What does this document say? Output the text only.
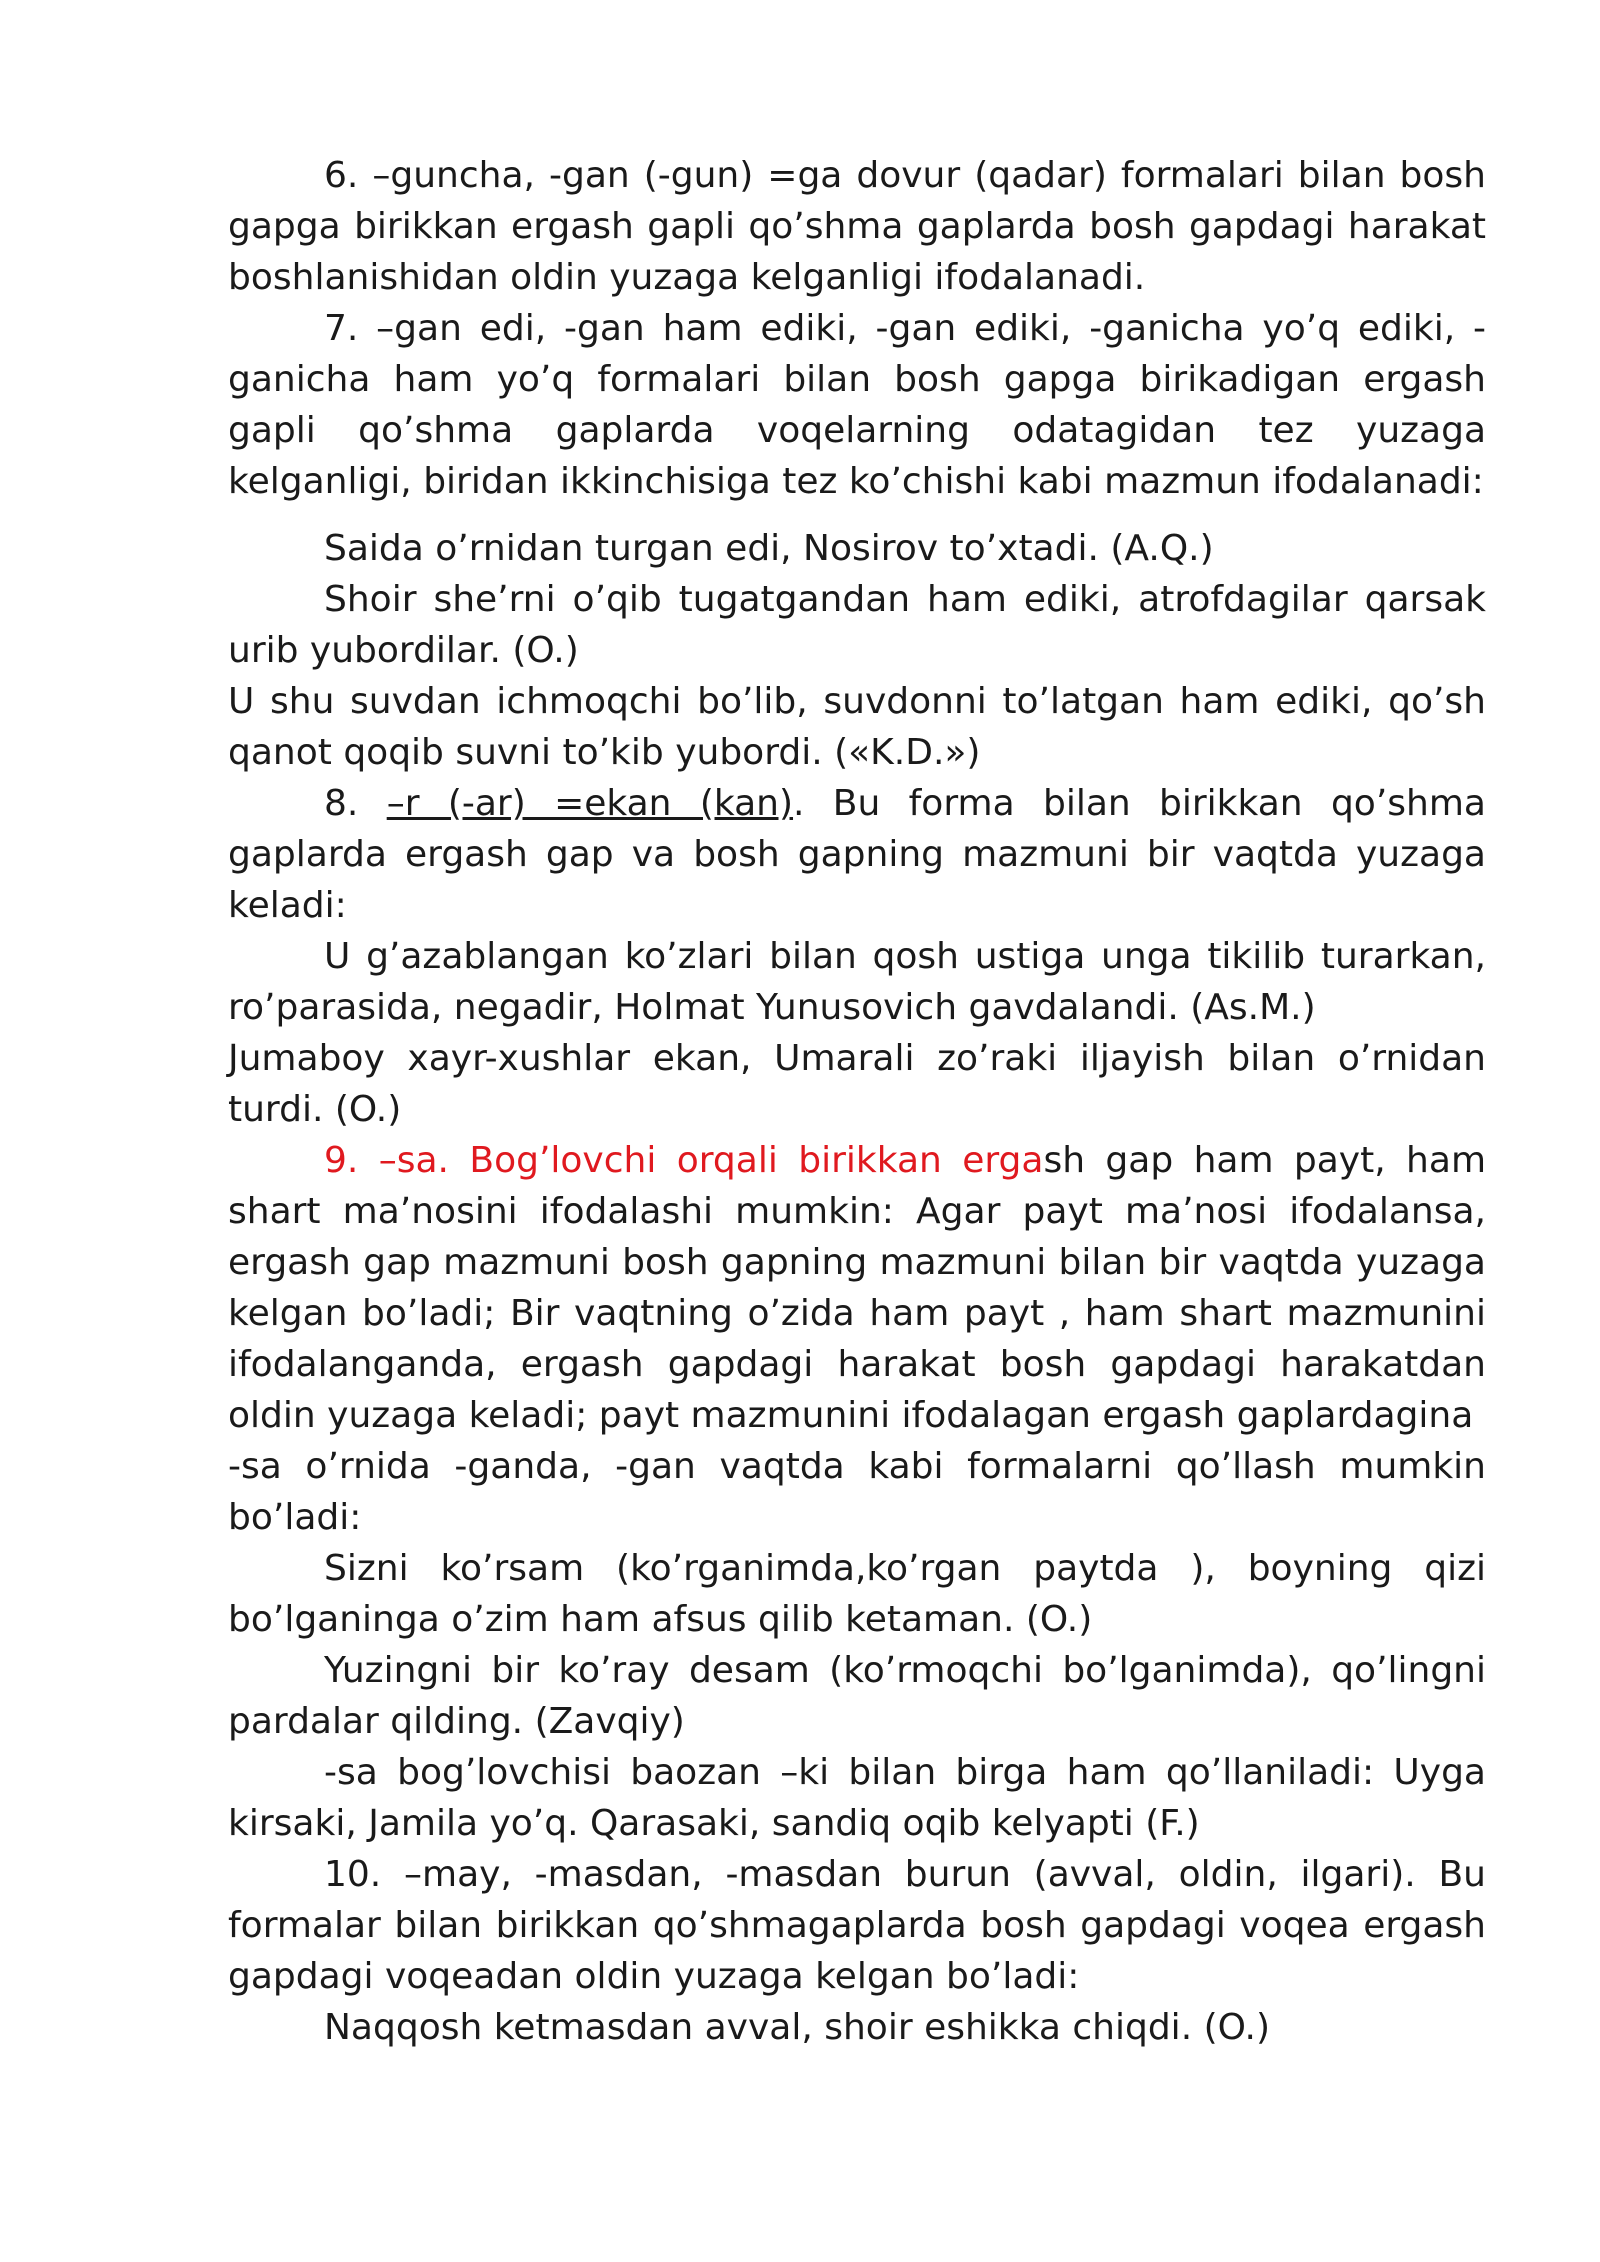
6. –guncha, -gan (-gun) =ga dovur (qadar) formalari bilan bosh gapga birikkan ergash gapli qo’shma gaplarda bosh gapdagi harakat boshlanishidan oldin yuzaga kelganligi ifodalanadi.

7. –gan edi, -gan ham ediki, -gan ediki, -ganicha yo’q ediki, -ganicha ham yo’q formalari bilan bosh gapga birikadigan ergash gapli qo’shma gaplarda voqelarning odatagidan tez yuzaga kelganligi, biridan ikkinchisiga tez ko’chishi kabi mazmun ifodalanadi:

Saida o’rnidan turgan edi, Nosirov to’xtadi. (A.Q.)

Shoir she’rni o’qib tugatgandan ham ediki, atrofdagilar qarsak urib yubordilar. (O.)

U shu suvdan ichmoqchi bo’lib, suvdonni to’latgan ham ediki, qo’sh qanot qoqib suvni to’kib yubordi. («K.D.»)

8. –r (-ar) =ekan (kan). Bu forma bilan birikkan qo’shma gaplarda ergash gap va bosh gapning mazmuni bir vaqtda yuzaga keladi:

U g’azablangan ko’zlari bilan qosh ustiga unga tikilib turarkan, ro’parasida, negadir, Holmat Yunusovich gavdalandi. (As.M.)

Jumaboy xayr-xushlar ekan, Umarali zo’raki iljayish bilan o’rnidan turdi. (O.)

9. –sa. Bog’lovchi orqali birikkan ergash gap ham payt, ham shart ma’nosini ifodalashi mumkin: Agar payt ma’nosi ifodalansa, ergash gap mazmuni bosh gapning mazmuni bilan bir vaqtda yuzaga kelgan bo’ladi; Bir vaqtning o’zida ham payt , ham shart mazmunini ifodalanganda, ergash gapdagi harakat bosh gapdagi harakatdan oldin yuzaga keladi; payt mazmunini ifodalagan ergash gaplardagina

-sa o’rnida -ganda, -gan vaqtda kabi formalarni qo’llash mumkin bo’ladi:

Sizni ko’rsam (ko’rganimda,ko’rgan paytda ), boyning qizi bo’lganinga o’zim ham afsus qilib ketaman. (O.)

Yuzingni bir ko’ray desam (ko’rmoqchi bo’lganimda), qo’lingni pardalar qilding. (Zavqiy)

-sa bog’lovchisi baozan –ki bilan birga ham qo’llaniladi: Uyga kirsaki, Jamila yo’q. Qarasaki, sandiq oqib kelyapti (F.)

10. –may, -masdan, -masdan burun (avval, oldin, ilgari). Bu formalar bilan birikkan qo’shmagaplarda bosh gapdagi voqea ergash gapdagi voqeadan oldin yuzaga kelgan bo’ladi:

Naqqosh ketmasdan avval, shoir eshikka chiqdi. (O.)
